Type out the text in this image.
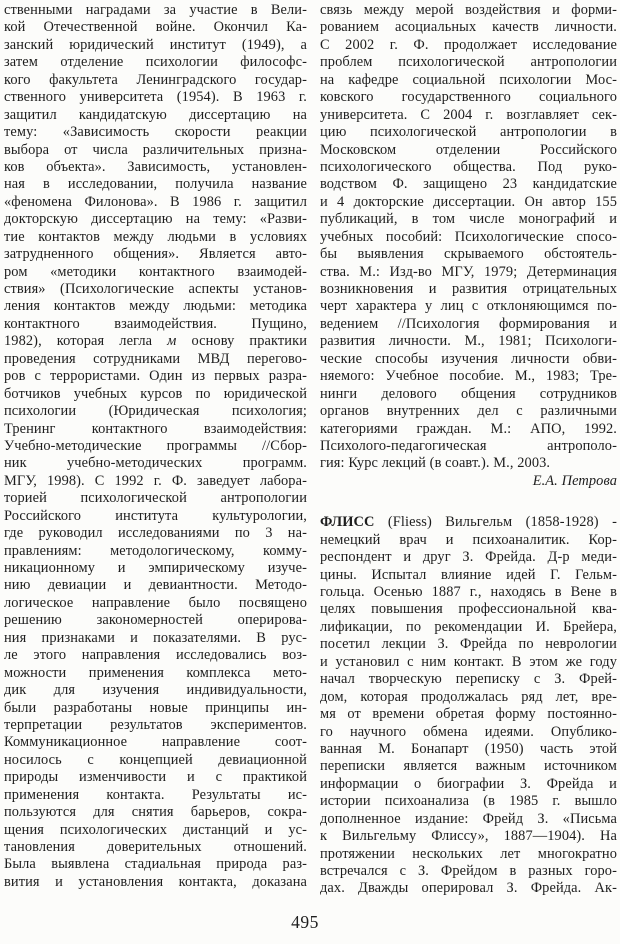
ственными наградами за участие в Вели-
кой Отечественной войне. Окончил Ка-
занский юридический институт (1949), а
затем отделение психологии философс-
кого факультета Ленинградского государ-
ственного университета (1954). В 1963 г.
защитил кандидатскую диссертацию на
тему: «Зависимость скорости реакции
выбора от числа различительных призна-
ков объекта». Зависимость, установлен-
ная в исследовании, получила название
«феномена Филонова». В 1986 г. защитил
докторскую диссертацию на тему: «Разви-
тие контактов между людьми в условиях
затрудненного общения». Является авто-
ром «методики контактного взаимодей-
ствия» (Психологические аспекты установ-
ления контактов между людьми: методика
контактного взаимодействия. Пущино,
1982), которая легла м основу практики
проведения сотрудниками МВД перегово-
ров с террористами. Один из первых разра-
ботчиков учебных курсов по юридической
психологии (Юридическая психология;
Тренинг контактного взаимодействия:
Учебно-методические программы //Сбор-
ник учебно-методических программ.
МГУ, 1998). С 1992 г. Ф. заведует лабора-
торией психологической антропологии
Российского института культурологии,
где руководил исследованиями по 3 на-
правлениям: методологическому, комму-
никационному и эмпирическому изуче-
нию девиации и девиантности. Методо-
логическое направление было посвящено
решению закономерностей оперирова-
ния признаками и показателями. В рус-
ле этого направления исследовались воз-
можности применения комплекса мето-
дик для изучения индивидуальности,
были разработаны новые принципы ин-
терпретации результатов экспериментов.
Коммуникационное направление соот-
носилось с концепцией девиационной
природы изменчивости и с практикой
применения контакта. Результаты ис-
пользуются для снятия барьеров, сокра-
щения психологических дистанций и ус-
тановления доверительных отношений.
Была выявлена стадиальная природа раз-
вития и установления контакта, доказана
связь между мерой воздействия и форми-
рованием асоциальных качеств личности.
С 2002 г. Ф. продолжает исследование
проблем психологической антропологии
на кафедре социальной психологии Мос-
ковского государственного социального
университета. С 2004 г. возглавляет сек-
цию психологической антропологии в
Московском отделении Российского
психологического общества. Под руко-
водством Ф. защищено 23 кандидатские
и 4 докторские диссертации. Он автор 155
публикаций, в том числе монографий и
учебных пособий: Психологические спосо-
бы выявления скрываемого обстоятель-
ства. М.: Изд-во МГУ, 1979; Детерминация
возникновения и развития отрицательных
черт характера у лиц с отклоняющимся по-
ведением //Психология формирования и
развития личности. М., 1981; Психологи-
ческие способы изучения личности обви-
няемого: Учебное пособие. М., 1983; Тре-
нинги делового общения сотрудников
органов внутренних дел с различными
категориями граждан. М.: АПО, 1992.
Психолого-педагогическая антрополо-
гия: Курс лекций (в соавт.). М., 2003.
Е.А. Петрова
ФЛИСС (Fliess) Вильгельм (1858-1928) -
немецкий врач и психоаналитик. Кор-
респондент и друг З. Фрейда. Д-р меди-
цины. Испытал влияние идей Г. Гельм-
гольца. Осенью 1887 г., находясь в Вене в
целях повышения профессиональной ква-
лификации, по рекомендации И. Брейера,
посетил лекции З. Фрейда по неврологии
и установил с ним контакт. В этом же году
начал творческую переписку с З. Фрей-
дом, которая продолжалась ряд лет, вре-
мя от времени обретая форму постоянно-
го научного обмена идеями. Опублико-
ванная М. Бонапарт (1950) часть этой
переписки является важным источником
информации о биографии З. Фрейда и
истории психоанализа (в 1985 г. вышло
дополненное издание: Фрейд З. «Письма
к Вильгельму Флиссу», 1887—1904). На
протяжении нескольких лет многократно
встречался с З. Фрейдом в разных горо-
дах. Дважды оперировал З. Фрейда. Ак-
495
